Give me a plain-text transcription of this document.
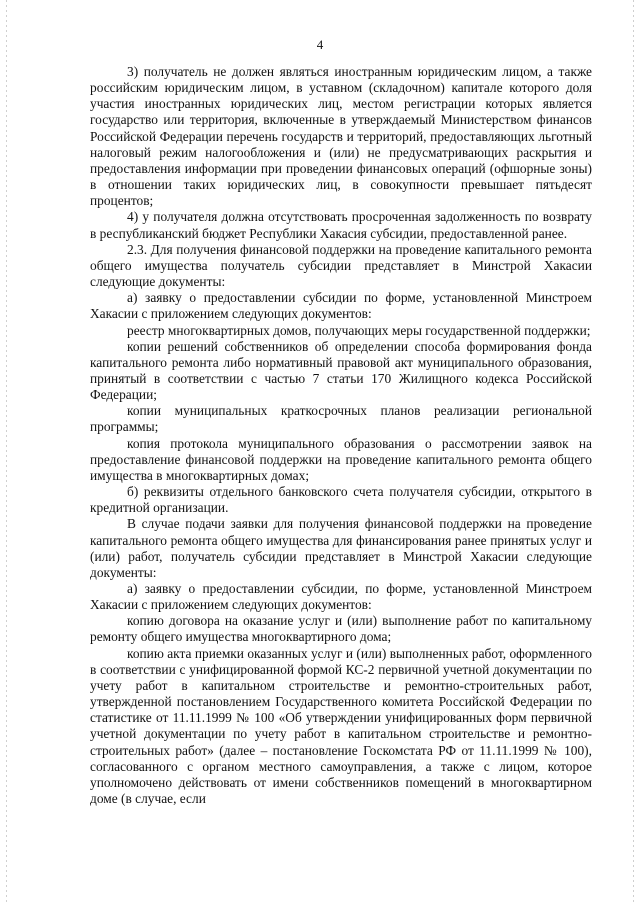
4

3) получатель не должен являться иностранным юридическим лицом, а также российским юридическим лицом, в уставном (складочном) капитале которого доля участия иностранных юридических лиц, местом регистрации которых является государство или территория, включенные в утверждаемый Министерством финансов Российской Федерации перечень государств и территорий, предоставляющих льготный налоговый режим налогообложения и (или) не предусматривающих раскрытия и предоставления информации при проведении финансовых операций (офшорные зоны) в отношении таких юридических лиц, в совокупности превышает пятьдесят процентов;

4) у получателя должна отсутствовать просроченная задолженность по возврату в республиканский бюджет Республики Хакасия субсидии, предоставленной ранее.

2.3. Для получения финансовой поддержки на проведение капитального ремонта общего имущества получатель субсидии представляет в Минстрой Хакасии следующие документы:

а) заявку о предоставлении субсидии по форме, установленной Минстроем Хакасии с приложением следующих документов:

реестр многоквартирных домов, получающих меры государственной поддержки;

копии решений собственников об определении способа формирования фонда капитального ремонта либо нормативный правовой акт муниципального образования, принятый в соответствии с частью 7 статьи 170 Жилищного кодекса Российской Федерации;

копии муниципальных краткосрочных планов реализации региональной программы;

копия протокола муниципального образования о рассмотрении заявок на предоставление финансовой поддержки на проведение капитального ремонта общего имущества в многоквартирных домах;

б) реквизиты отдельного банковского счета получателя субсидии, открытого в кредитной организации.

В случае подачи заявки для получения финансовой поддержки на проведение капитального ремонта общего имущества для финансирования ранее принятых услуг и (или) работ, получатель субсидии представляет в Минстрой Хакасии следующие документы:

а) заявку о предоставлении субсидии, по форме, установленной Минстроем Хакасии с приложением следующих документов:

копию договора на оказание услуг и (или) выполнение работ по капитальному ремонту общего имущества многоквартирного дома;

копию акта приемки оказанных услуг и (или) выполненных работ, оформленного в соответствии с унифицированной формой КС-2 первичной учетной документации по учету работ в капитальном строительстве и ремонтно-строительных работ, утвержденной постановлением Государственного комитета Российской Федерации по статистике от 11.11.1999 № 100 «Об утверждении унифицированных форм первичной учетной документации по учету работ в капитальном строительстве и ремонтно-строительных работ» (далее – постановление Госкомстата РФ от 11.11.1999 № 100), согласованного с органом местного самоуправления, а также с лицом, которое уполномочено действовать от имени собственников помещений в многоквартирном доме (в случае, если
